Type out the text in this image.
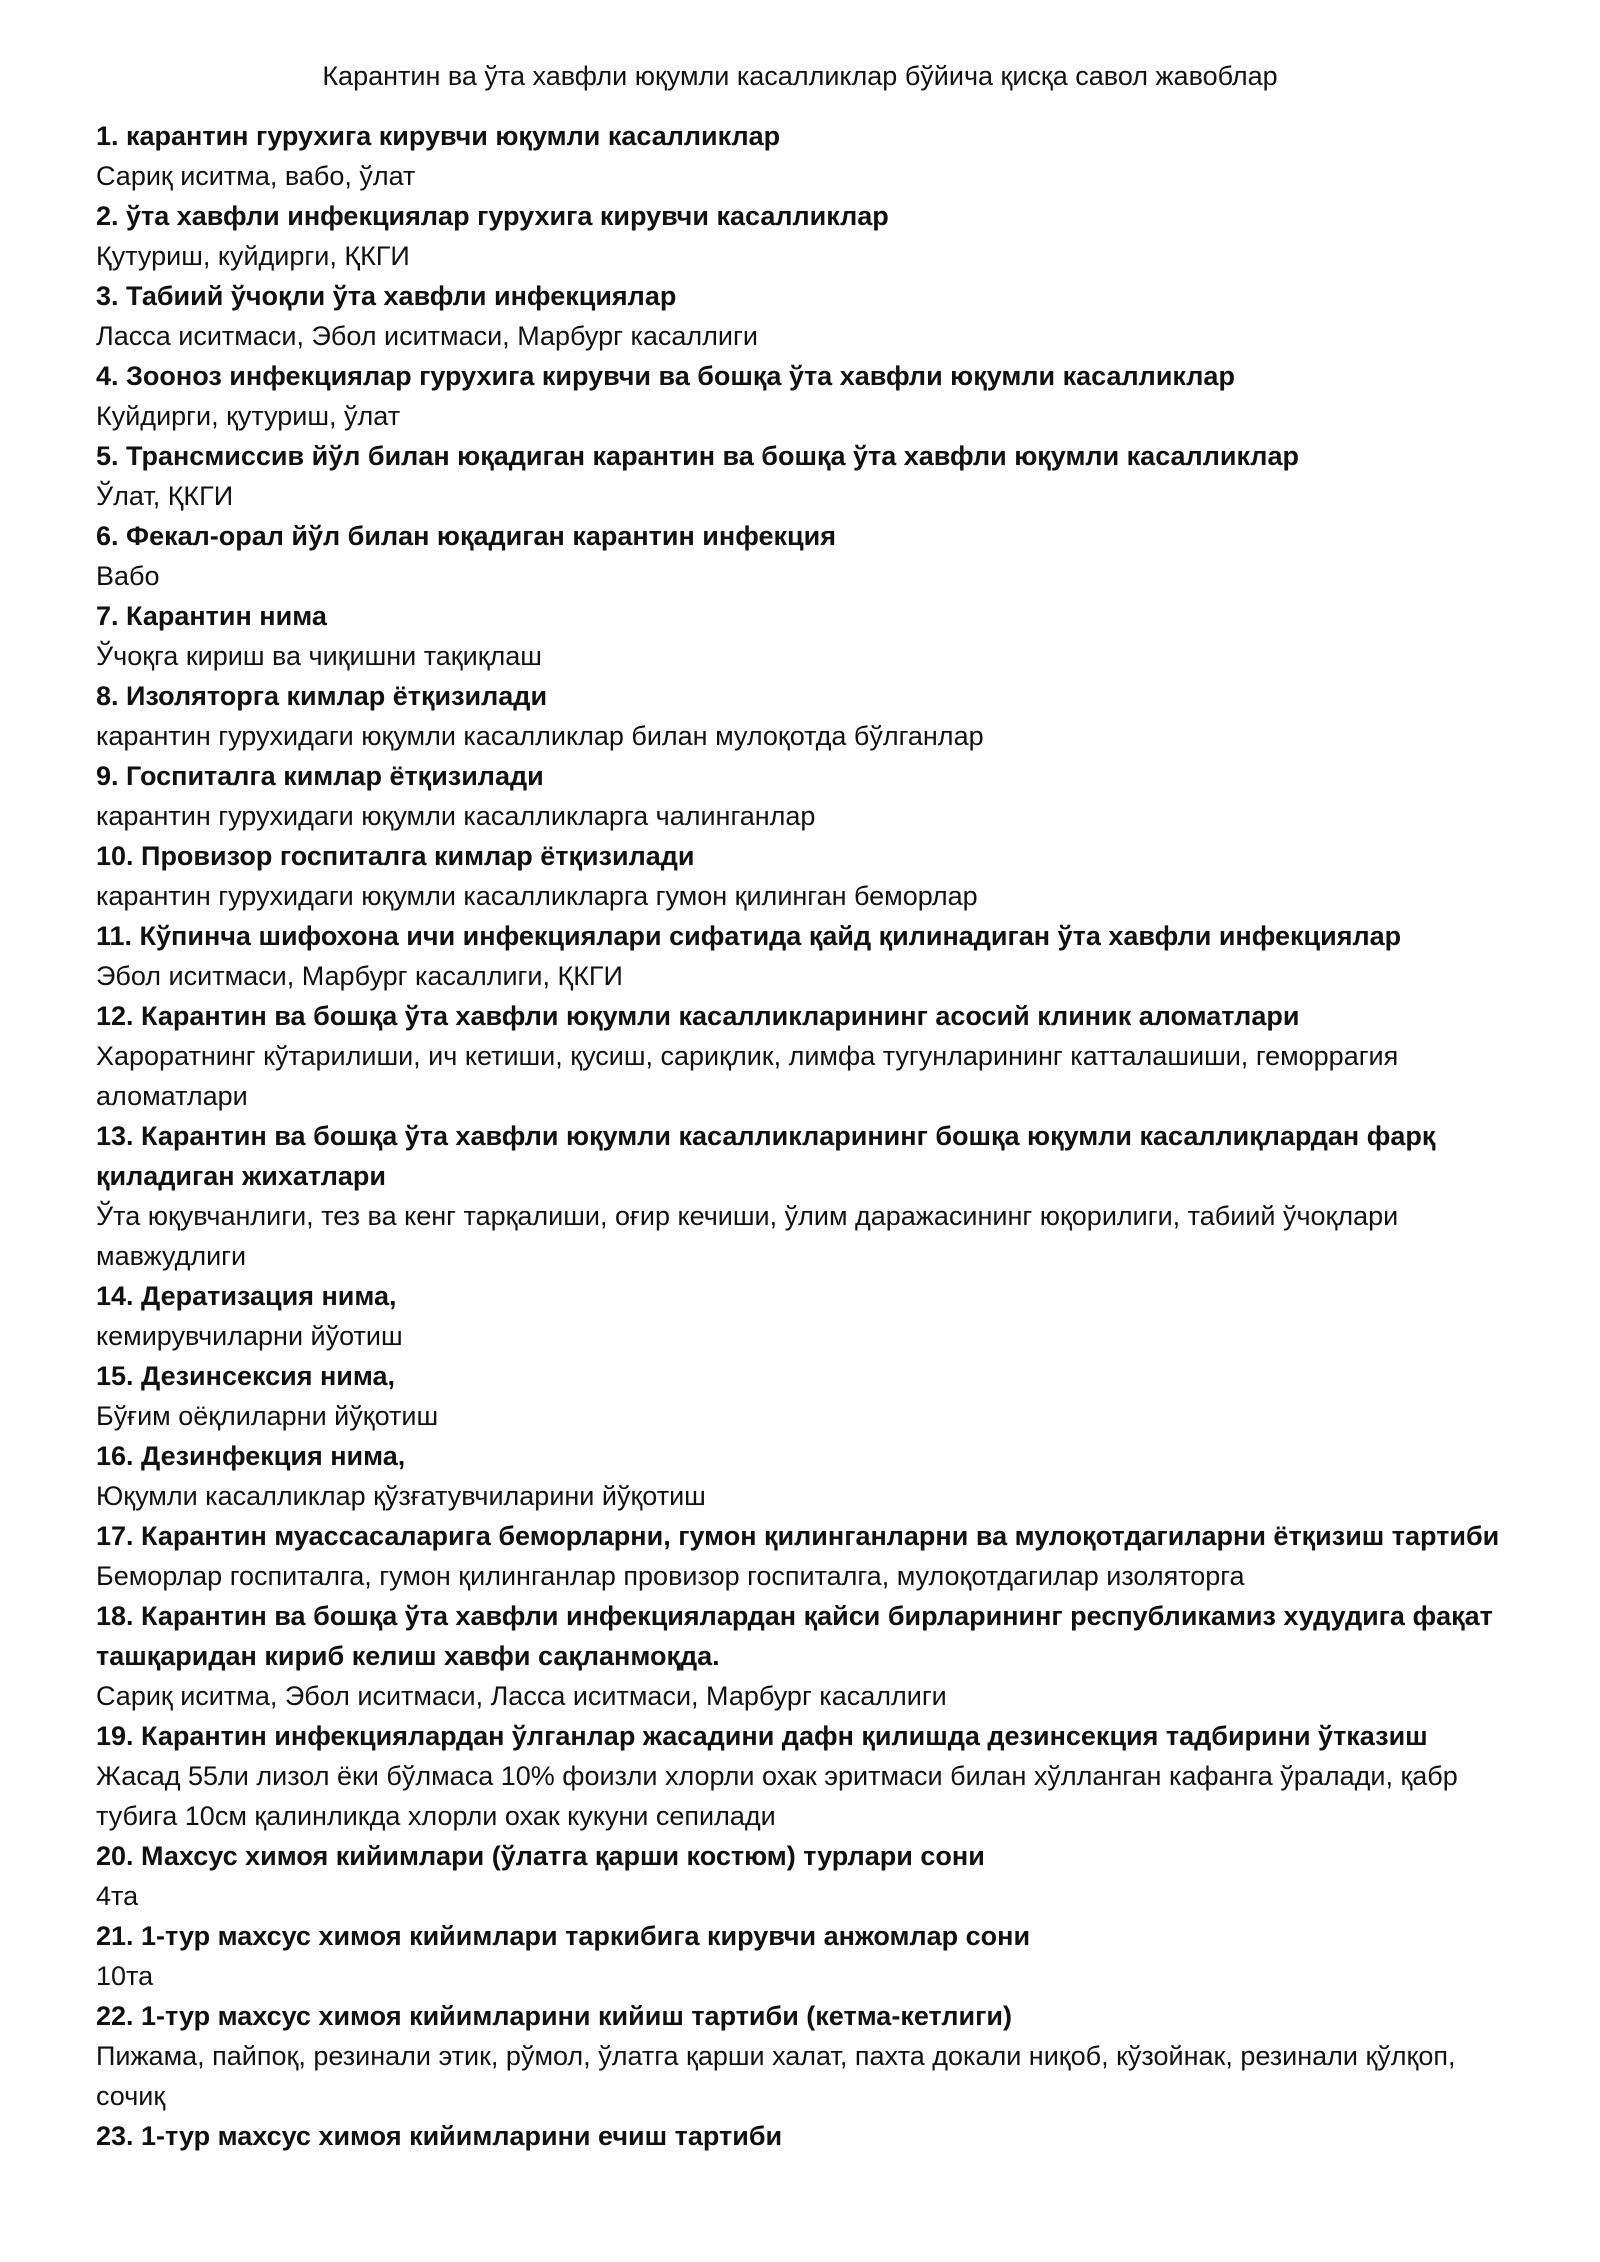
Карантин ва ўта хавфли юқумли касалликлар бўйича қисқа савол жавоблар
1. карантин гурухига кирувчи юқумли касалликлар
Сариқ иситма, вабо, ўлат
2. ўта хавфли инфекциялар гурухига кирувчи касалликлар
Қутуриш, куйдирги, ҚКГИ
3. Табиий ўчоқли ўта хавфли инфекциялар
Ласса иситмаси, Эбол иситмаси, Марбург касаллиги
4. Зооноз инфекциялар гурухига кирувчи ва бошқа ўта хавфли юқумли касалликлар
Куйдирги, қутуриш, ўлат
5. Трансмиссив йўл билан юқадиган карантин ва бошқа ўта хавфли юқумли касалликлар
Ўлат, ҚКГИ
6. Фекал-орал йўл билан юқадиган карантин инфекция
Вабо
7. Карантин нима
Ўчоқга кириш ва чиқишни тақиқлаш
8. Изоляторга кимлар ётқизилади
карантин гурухидаги юқумли касалликлар билан мулоқотда бўлганлар
9. Госпиталга кимлар ётқизилади
карантин гурухидаги юқумли касалликларга чалинганлар
10. Провизор госпиталга кимлар ётқизилади
карантин гурухидаги юқумли касалликларга гумон қилинган беморлар
11. Кўпинча шифохона ичи инфекциялари сифатида қайд қилинадиган ўта хавфли инфекциялар
Эбол иситмаси, Марбург касаллиги, ҚКГИ
12. Карантин ва бошқа ўта хавфли юқумли касалликларининг асосий клиник аломатлари
Хароратнинг кўтарилиши, ич кетиши, қусиш, сариқлик, лимфа тугунларининг катталашиши, геморрагия аломатлари
13. Карантин ва бошқа ўта хавфли юқумли касалликларининг бошқа юқумли касаллиқлардан фарқ қиладиган жихатлари
Ўта юқувчанлиги, тез ва кенг тарқалиши, оғир кечиши, ўлим даражасининг юқорилиги, табиий ўчоқлари мавжудлиги
14. Дератизация нима,
кемирувчиларни йўотиш
15. Дезинсексия нима,
Бўғим оёқлиларни йўқотиш
16. Дезинфекция нима,
Юқумли касалликлар қўзғатувчиларини йўқотиш
17. Карантин муассасаларига беморларни, гумон қилинганларни ва мулоқотдагиларни ётқизиш тартиби
Беморлар госпиталга, гумон қилинганлар провизор госпиталга, мулоқотдагилар изоляторга
18. Карантин ва бошқа ўта хавфли инфекциялардан қайси бирларининг республикамиз худудига фақат ташқаридан кириб келиш хавфи сақланмоқда.
Сариқ иситма, Эбол иситмаси, Ласса иситмаси, Марбург касаллиги
19. Карантин инфекциялардан ўлганлар жасадини дафн қилишда дезинсекция тадбирини ўтказиш
Жасад 55ли лизол ёки бўлмаса 10% фоизли хлорли охак эритмаси билан хўлланган кафанга ўралади, қабр тубига 10см қалинликда хлорли охак кукуни сепилади
20. Махсус химоя кийимлари (ўлатга қарши костюм) турлари сони
4та
21. 1-тур махсус химоя кийимлари таркибига кирувчи анжомлар сони
10та
22. 1-тур махсус химоя кийимларини кийиш тартиби (кетма-кетлиги)
Пижама, пайпоқ, резинали этик, рўмол, ўлатга қарши халат, пахта докали ниқоб, кўзойнак, резинали қўлқоп, сочиқ
23. 1-тур махсус химоя кийимларини ечиш тартиби
